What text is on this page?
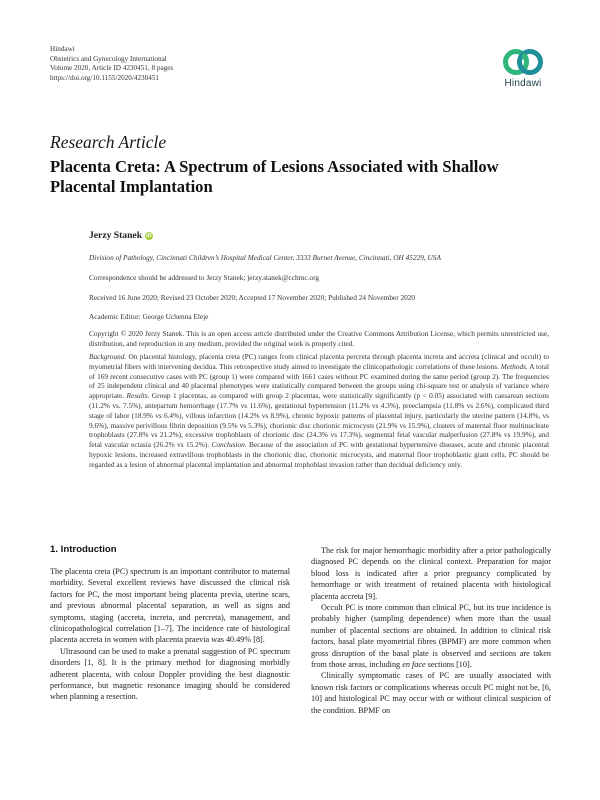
Hindawi
Obstetrics and Gynecology International
Volume 2020, Article ID 4230451, 8 pages
https://doi.org/10.1155/2020/4230451
Hindawi
Research Article
Placenta Creta: A Spectrum of Lesions Associated with Shallow Placental Implantation
Jerzy Stanek iD
Division of Pathology, Cincinnati Children’s Hospital Medical Center, 3333 Burnet Avenue, Cincinnati, OH 45229, USA
Correspondence should be addressed to Jerzy Stanek; jerzy.stanek@cchmc.org
Received 16 June 2020; Revised 23 October 2020; Accepted 17 November 2020; Published 24 November 2020
Academic Editor: George Uchenna Eleje
Copyright © 2020 Jerzy Stanek. This is an open access article distributed under the Creative Commons Attribution License, which permits unrestricted use, distribution, and reproduction in any medium, provided the original work is properly cited.
Background. On placental histology, placenta creta (PC) ranges from clinical placenta percreta through placenta increta and accreta (clinical and occult) to myometrial fibers with intervening decidua. This retrospective study aimed to investigate the clinicopathologic correlations of these lesions. Methods. A total of 169 recent consecutive cases with PC (group 1) were compared with 1661 cases without PC examined during the same period (group 2). The frequencies of 25 independent clinical and 40 placental phenotypes were statistically compared between the groups using chi-square test or analysis of variance where appropriate. Results. Group 1 placentas, as compared with group 2 placentas, were statistically significantly (p < 0.05) associated with caesarean sections (11.2% vs. 7.5%), antepartum hemorrhage (17.7% vs 11.6%), gestational hypertension (11.2% vs 4.3%), preeclampsia (11.8% vs 2.6%), complicated third stage of labor (18.9% vs 6.4%), villous infarction (14.2% vs 8.9%), chronic hypoxic patterns of placental injury, particularly the uterine pattern (14.8%, vs 9.6%), massive perivillous fibrin deposition (9.5% vs 5.3%), chorionic disc chorionic microcysts (21.9% vs 15.9%), clusters of maternal floor multinucleate trophoblasts (27.8% vs 21.2%), excessive trophoblasts of chorionic disc (24.3% vs 17.3%), segmental fetal vascular malperfusion (27.8% vs 19.9%), and fetal vascular ectasia (26.2% vs 15.2%). Conclusion. Because of the association of PC with gestational hypertensive diseases, acute and chronic placental hypoxic lesions, increased extravillous trophoblasts in the chorionic disc, chorionic microcysts, and maternal floor trophoblastic giant cells, PC should be regarded as a lesion of abnormal placental implantation and abnormal trophoblast invasion rather than decidual deficiency only.
1. Introduction

The placenta creta (PC) spectrum is an important contributor to maternal morbidity. Several excellent reviews have discussed the clinical risk factors for PC, the most important being placenta previa, uterine scars, and previous abnormal placental separation, as well as signs and symptoms, staging (accreta, increta, and percreta), management, and clinicopathological correlation [1–7]. The incidence rate of histological placenta accreta in women with placenta praevia was 40.49% [8].

Ultrasound can be used to make a prenatal suggestion of PC spectrum disorders [1, 8]. It is the primary method for diagnosing morbidly adherent placenta, with colour Doppler providing the best diagnostic performance, but magnetic resonance imaging should be considered when planning a resection.

The risk for major hemorrhagic morbidity after a prior pathologically diagnosed PC depends on the clinical context. Preparation for major blood loss is indicated after a prior pregnancy complicated by hemorrhage or with treatment of retained placenta with histological placenta accreta [9].

Occult PC is more common than clinical PC, but its true incidence is probably higher (sampling dependence) when more than the usual number of placental sections are obtained. In addition to clinical risk factors, basal plate myometrial fibres (BPMF) are more common when gross disruption of the basal plate is observed and sections are taken from those areas, including en face sections [10].

Clinically symptomatic cases of PC are usually associated with known risk factors or complications whereas occult PC might not be, [6, 10] and histological PC may occur with or without clinical suspicion of the condition. BPMF on
